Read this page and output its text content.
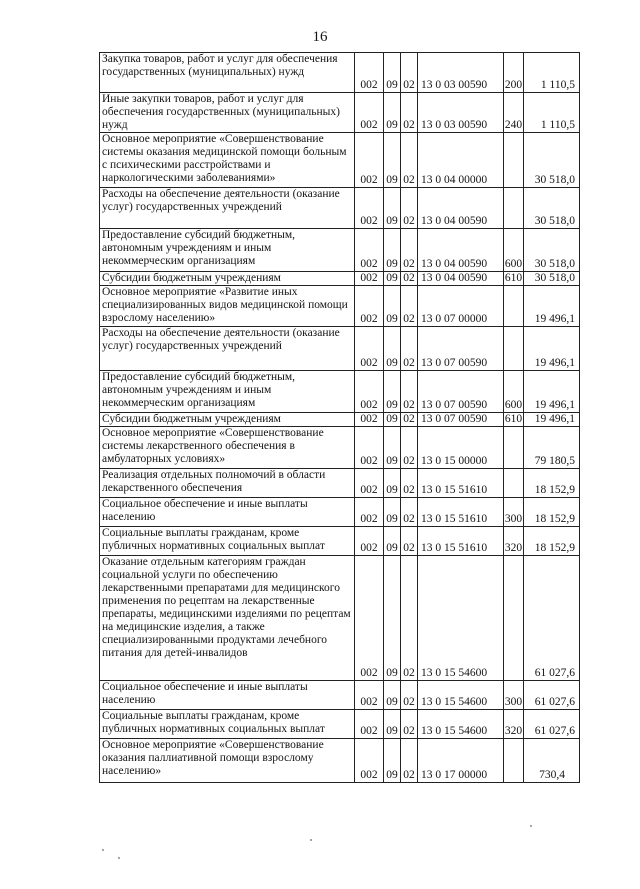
16
Закупка товаров, работ и услуг для обеспечения государственных (муниципальных) нужд	002	09	02	13 0 03 00590	200	1 110,5
Иные закупки товаров, работ и услуг для обеспечения государственных (муниципальных) нужд	002	09	02	13 0 03 00590	240	1 110,5
Основное мероприятие «Совершенствование системы оказания медицинской помощи больным с психическими расстройствами и наркологическими заболеваниями»	002	09	02	13 0 04 00000		30 518,0
Расходы на обеспечение деятельности (оказание услуг) государственных учреждений	002	09	02	13 0 04 00590		30 518,0
Предоставление субсидий бюджетным, автономным учреждениям и иным некоммерческим организациям	002	09	02	13 0 04 00590	600	30 518,0
Субсидии бюджетным учреждениям	002	09	02	13 0 04 00590	610	30 518,0
Основное мероприятие «Развитие иных специализированных видов медицинской помощи взрослому населению»	002	09	02	13 0 07 00000		19 496,1
Расходы на обеспечение деятельности (оказание услуг) государственных учреждений	002	09	02	13 0 07 00590		19 496,1
Предоставление субсидий бюджетным, автономным учреждениям и иным некоммерческим организациям	002	09	02	13 0 07 00590	600	19 496,1
Субсидии бюджетным учреждениям	002	09	02	13 0 07 00590	610	19 496,1
Основное мероприятие «Совершенствование системы лекарственного обеспечения в амбулаторных условиях»	002	09	02	13 0 15 00000		79 180,5
Реализация отдельных полномочий в области лекарственного обеспечения	002	09	02	13 0 15 51610		18 152,9
Социальное обеспечение и иные выплаты населению	002	09	02	13 0 15 51610	300	18 152,9
Социальные выплаты гражданам, кроме публичных нормативных социальных выплат	002	09	02	13 0 15 51610	320	18 152,9
Оказание отдельным категориям граждан социальной услуги по обеспечению лекарственными препаратами для медицинского применения по рецептам на лекарственные препараты, медицинскими изделиями по рецептам на медицинские изделия, а также специализированными продуктами лечебного питания для детей-инвалидов	002	09	02	13 0 15 54600		61 027,6
Социальное обеспечение и иные выплаты населению	002	09	02	13 0 15 54600	300	61 027,6
Социальные выплаты гражданам, кроме публичных нормативных социальных выплат	002	09	02	13 0 15 54600	320	61 027,6
Основное мероприятие «Совершенствование оказания паллиативной помощи взрослому населению»	002	09	02	13 0 17 00000		730,4
